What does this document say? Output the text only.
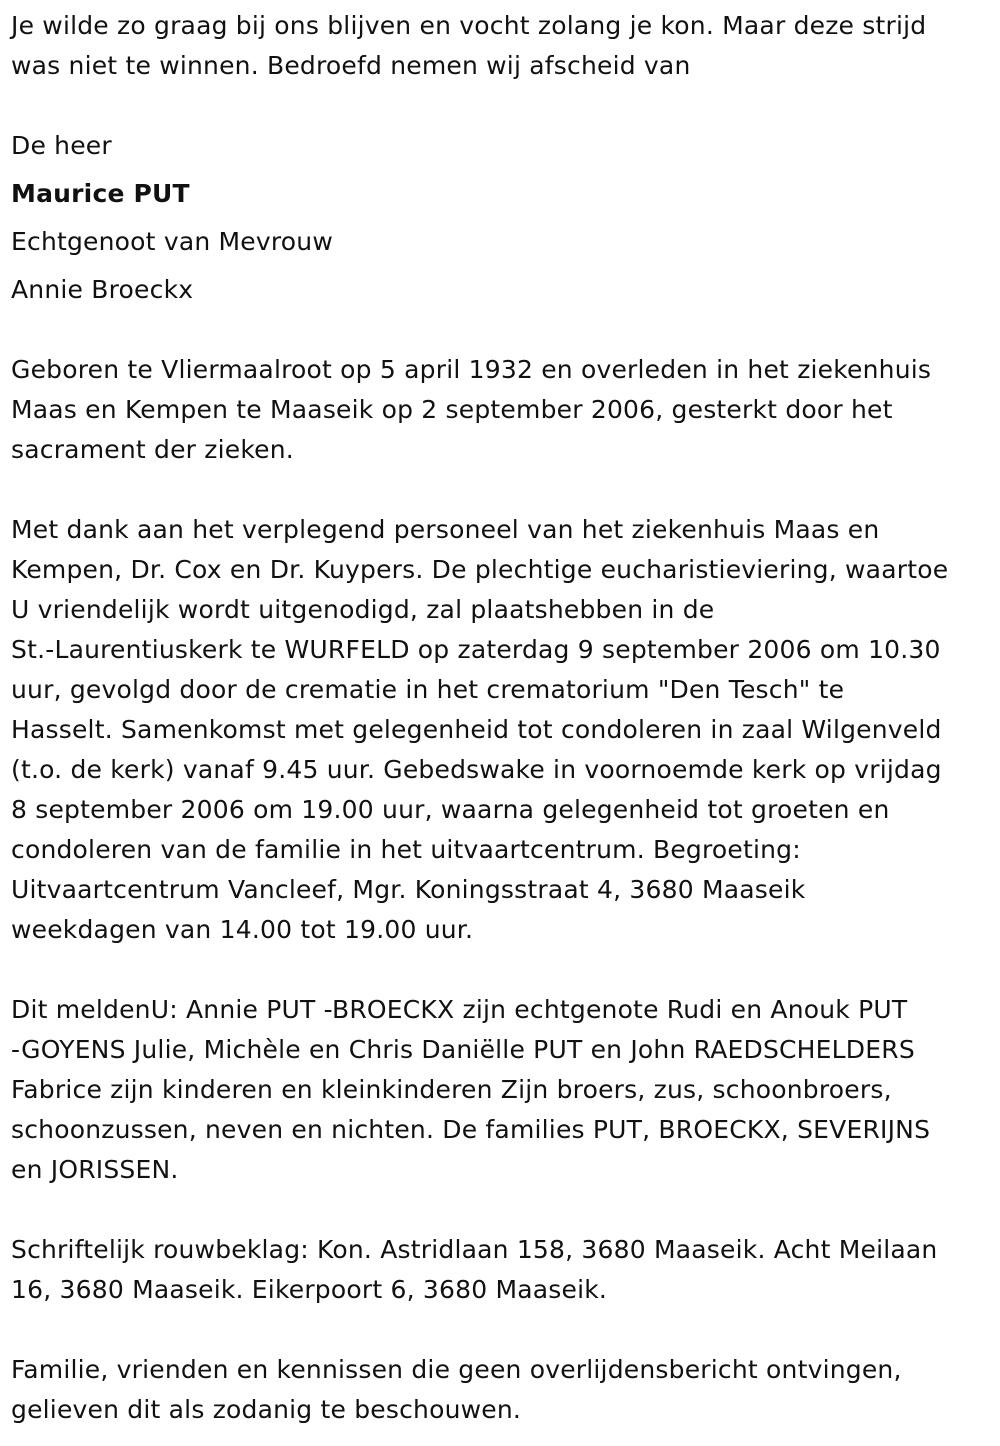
Je wilde zo graag bij ons blijven en vocht zolang je kon. Maar deze strijd
was niet te winnen. Bedroefd nemen wij afscheid van
De heer
Maurice PUT
Echtgenoot van Mevrouw
Annie Broeckx
Geboren te Vliermaalroot op 5 april 1932 en overleden in het ziekenhuis
Maas en Kempen te Maaseik op 2 september 2006, gesterkt door het
sacrament der zieken.
Met dank aan het verplegend personeel van het ziekenhuis Maas en
Kempen, Dr. Cox en Dr. Kuypers. De plechtige eucharistieviering, waartoe
U vriendelijk wordt uitgenodigd, zal plaatshebben in de
St.-Laurentiuskerk te WURFELD op zaterdag 9 september 2006 om 10.30
uur, gevolgd door de crematie in het crematorium "Den Tesch" te
Hasselt. Samenkomst met gelegenheid tot condoleren in zaal Wilgenveld
(t.o. de kerk) vanaf 9.45 uur. Gebedswake in voornoemde kerk op vrijdag
8 september 2006 om 19.00 uur, waarna gelegenheid tot groeten en
condoleren van de familie in het uitvaartcentrum. Begroeting:
Uitvaartcentrum Vancleef, Mgr. Koningsstraat 4, 3680 Maaseik
weekdagen van 14.00 tot 19.00 uur.
Dit meldenU: Annie PUT -BROECKX zijn echtgenote Rudi en Anouk PUT
-GOYENS Julie, Michèle en Chris Daniëlle PUT en John RAEDSCHELDERS
Fabrice zijn kinderen en kleinkinderen Zijn broers, zus, schoonbroers,
schoonzussen, neven en nichten. De families PUT, BROECKX, SEVERIJNS
en JORISSEN.
Schriftelijk rouwbeklag: Kon. Astridlaan 158, 3680 Maaseik. Acht Meilaan
16, 3680 Maaseik. Eikerpoort 6, 3680 Maaseik.
Familie, vrienden en kennissen die geen overlijdensbericht ontvingen,
gelieven dit als zodanig te beschouwen.
